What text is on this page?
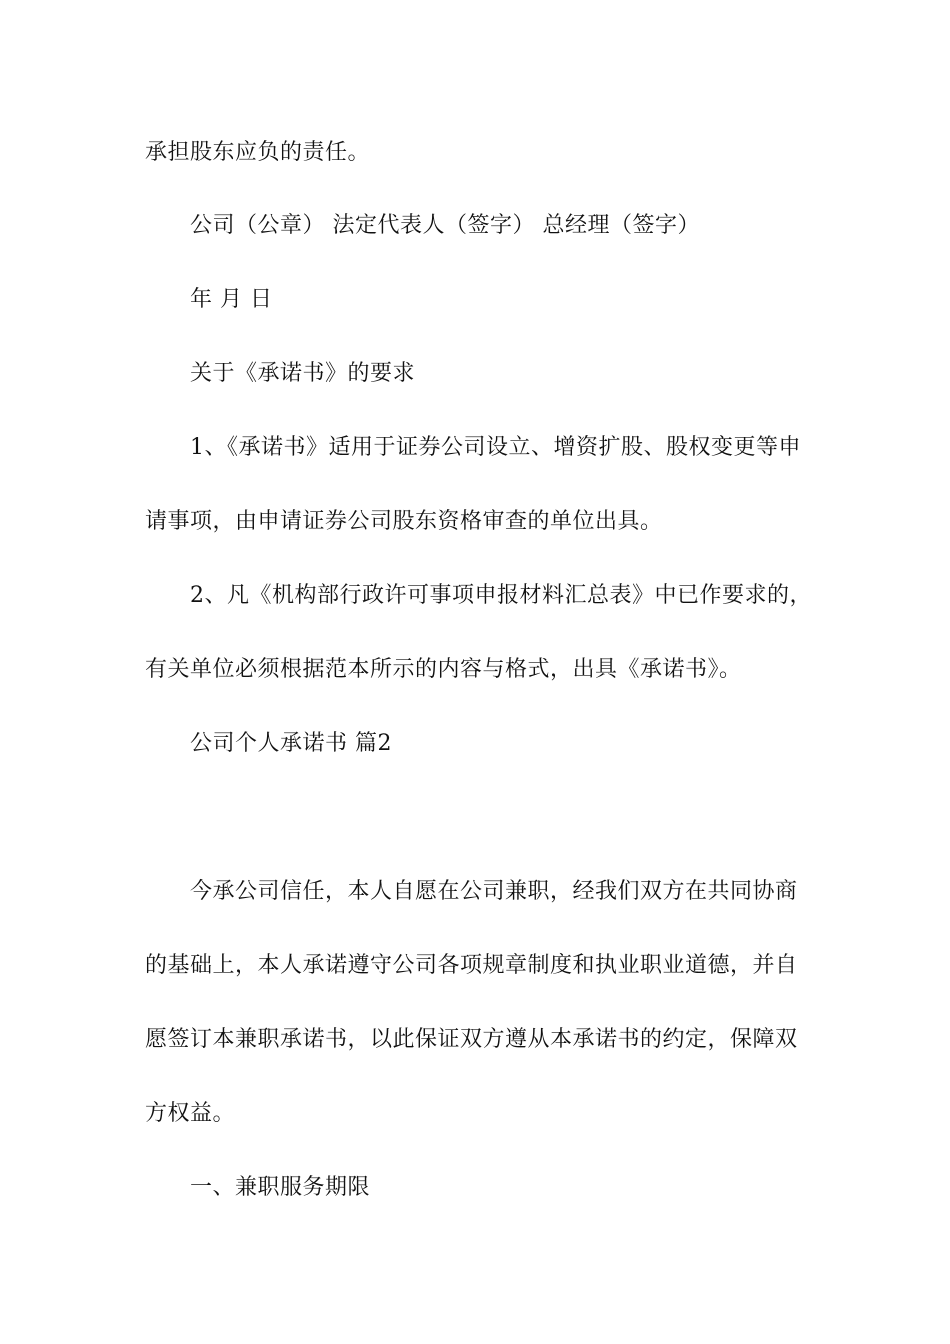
承担股东应负的责任。
公司（公章） 法定代表人（签字） 总经理（签字）
年 月 日
关于《承诺书》的要求
1、《承诺书》适用于证券公司设立、增资扩股、股权变更等申
请事项，由申请证券公司股东资格审查的单位出具。
2、凡《机构部行政许可事项申报材料汇总表》中已作要求的，
有关单位必须根据范本所示的内容与格式，出具《承诺书》。
公司个人承诺书 篇2
今承公司信任，本人自愿在公司兼职，经我们双方在共同协商
的基础上，本人承诺遵守公司各项规章制度和执业职业道德，并自
愿签订本兼职承诺书，以此保证双方遵从本承诺书的约定，保障双
方权益。
一、兼职服务期限
